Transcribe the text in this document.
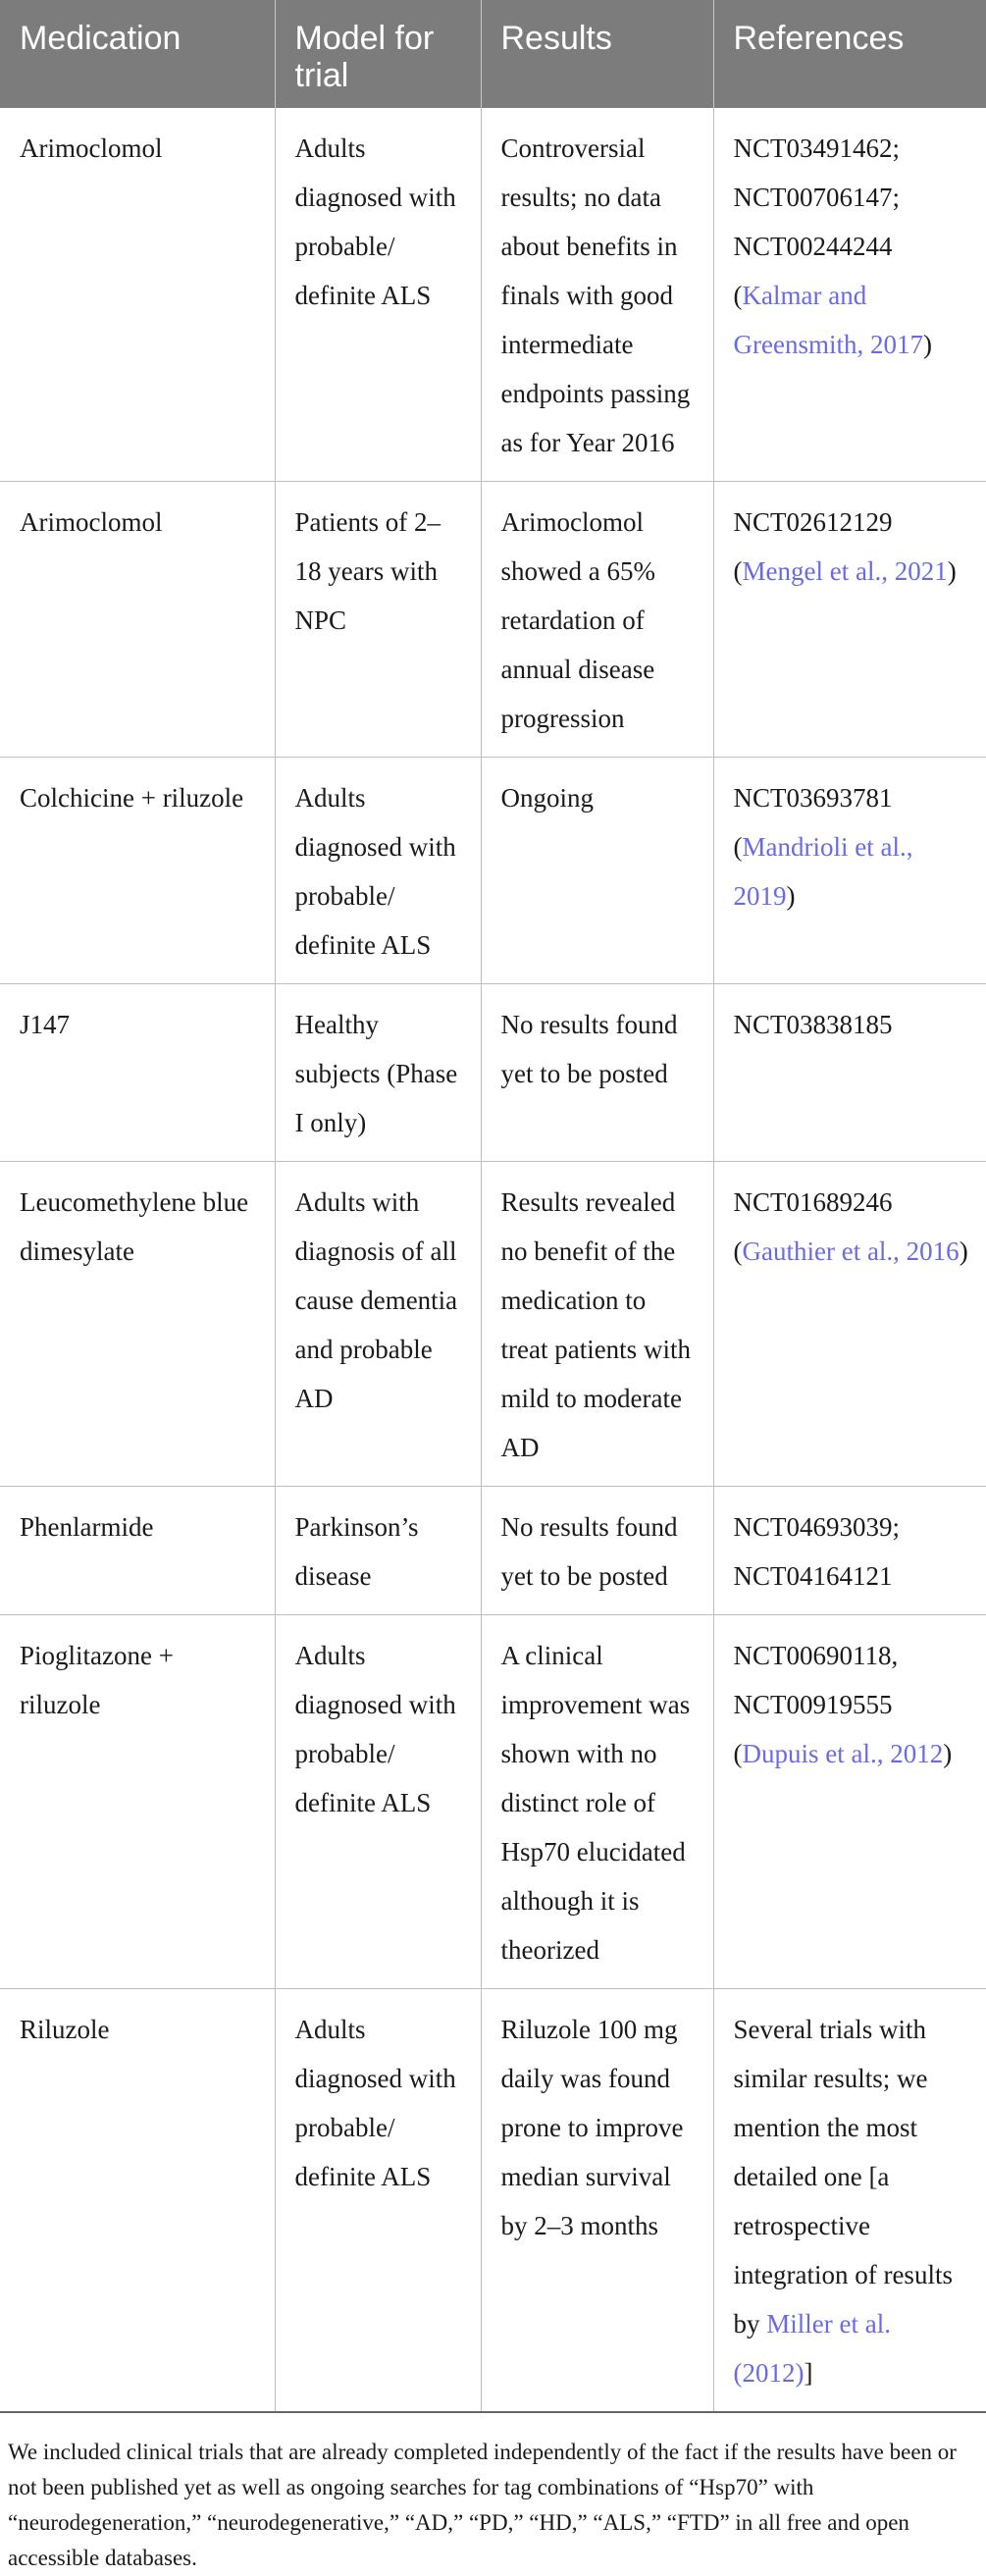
Medication	Model for trial	Results	References
Arimoclomol	Adults diagnosed with probable/ definite ALS	Controversial results; no data about benefits in finals with good intermediate endpoints passing as for Year 2016	NCT03491462; NCT00706147; NCT00244244 (Kalmar and Greensmith, 2017)
Arimoclomol	Patients of 2–18 years with NPC	Arimoclomol showed a 65% retardation of annual disease progression	NCT02612129 (Mengel et al., 2021)
Colchicine + riluzole	Adults diagnosed with probable/ definite ALS	Ongoing	NCT03693781 (Mandrioli et al., 2019)
J147	Healthy subjects (Phase I only)	No results found yet to be posted	NCT03838185
Leucomethylene blue dimesylate	Adults with diagnosis of all cause dementia and probable AD	Results revealed no benefit of the medication to treat patients with mild to moderate AD	NCT01689246 (Gauthier et al., 2016)
Phenlarmide	Parkinson’s disease	No results found yet to be posted	NCT04693039; NCT04164121
Pioglitazone + riluzole	Adults diagnosed with probable/ definite ALS	A clinical improvement was shown with no distinct role of Hsp70 elucidated although it is theorized	NCT00690118, NCT00919555 (Dupuis et al., 2012)
Riluzole	Adults diagnosed with probable/ definite ALS	Riluzole 100 mg daily was found prone to improve median survival by 2–3 months	Several trials with similar results; we mention the most detailed one [a retrospective integration of results by Miller et al. (2012)]
We included clinical trials that are already completed independently of the fact if the results have been or not been published yet as well as ongoing searches for tag combinations of “Hsp70” with “neurodegeneration,” “neurodegenerative,” “AD,” “PD,” “HD,” “ALS,” “FTD” in all free and open accessible databases.
